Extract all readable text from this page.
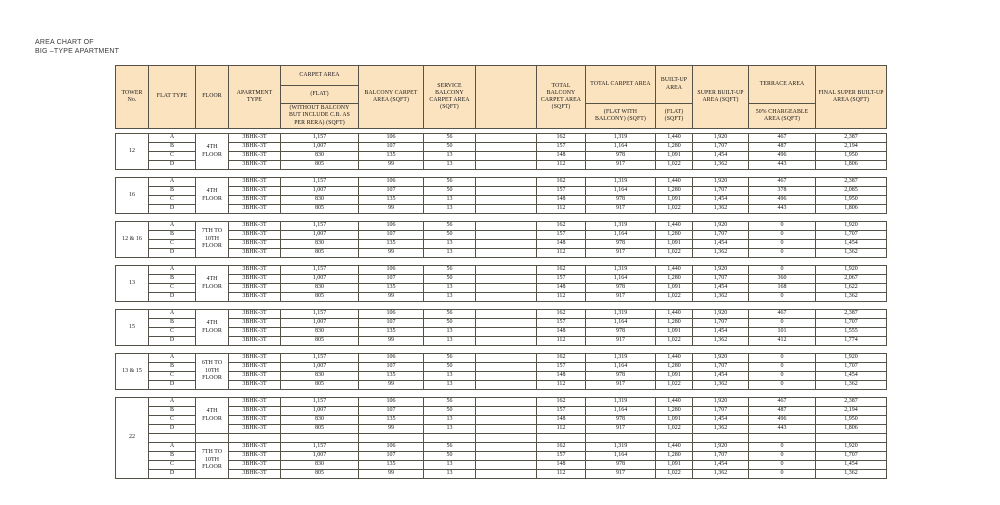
AREA CHART OF
BIG –TYPE APARTMENT
TOWER No.	FLAT TYPE	FLOOR	APARTMENT TYPE	CARPET AREA	BALCONY CARPET AREA (SQFT)	SERVICE BALCONY CARPET AREA (SQFT)		TOTAL BALCONY CARPET AREA (SQFT)	TOTAL CARPET AREA	BUILT-UP AREA	SUPER BUILT-UP AREA (SQFT)	TERRACE AREA	FINAL SUPER BUILT-UP AREA (SQFT)
				(FLAT)									
				(WITHOUT BALCONY BUT INCLUDE C.B. AS PER RERA) (SQFT)					(FLAT WITH BALCONY) (SQFT)	(FLAT) (SQFT)		50% CHARGEABLE AREA (SQFT)	
12	A	4TH FLOOR	3BHK-3T	1,157	106	56		162	1,319	1,440	1,920	467	2,387
	B		3BHK-3T	1,007	107	50		157	1,164	1,280	1,707	487	2,194
	C		3BHK-3T	830	135	13		148	978	1,091	1,454	496	1,950
	D		3BHK-3T	805	99	13		112	917	1,022	1,362	443	1,806
16	A	4TH FLOOR	3BHK-3T	1,157	106	56		162	1,319	1,440	1,920	467	2,387
	B		3BHK-3T	1,007	107	50		157	1,164	1,280	1,707	378	2,085
	C		3BHK-3T	830	135	13		148	978	1,091	1,454	496	1,950
	D		3BHK-3T	805	99	13		112	917	1,022	1,362	443	1,806
12 & 16	A	7TH TO 10TH FLOOR	3BHK-3T	1,157	106	56		162	1,319	1,440	1,920	0	1,920
	B		3BHK-3T	1,007	107	50		157	1,164	1,280	1,707	0	1,707
	C		3BHK-3T	830	135	13		148	978	1,091	1,454	0	1,454
	D		3BHK-3T	805	99	13		112	917	1,022	1,362	0	1,362
13	A	4TH FLOOR	3BHK-3T	1,157	106	56		162	1,319	1,440	1,920	0	1,920
	B		3BHK-3T	1,007	107	50		157	1,164	1,280	1,707	360	2,067
	C		3BHK-3T	830	135	13		148	978	1,091	1,454	168	1,622
	D		3BHK-3T	805	99	13		112	917	1,022	1,362	0	1,362
15	A	4TH FLOOR	3BHK-3T	1,157	106	56		162	1,319	1,440	1,920	467	2,387
	B		3BHK-3T	1,007	107	50		157	1,164	1,280	1,707	0	1,707
	C		3BHK-3T	830	135	13		148	978	1,091	1,454	101	1,555
	D		3BHK-3T	805	99	13		112	917	1,022	1,362	412	1,774
13 & 15	A	6TH TO 10TH FLOOR	3BHK-3T	1,157	106	56		162	1,319	1,440	1,920	0	1,920
	B		3BHK-3T	1,007	107	50		157	1,164	1,280	1,707	0	1,707
	C		3BHK-3T	830	135	13		148	978	1,091	1,454	0	1,454
	D		3BHK-3T	805	99	13		112	917	1,022	1,362	0	1,362
22	A	4TH FLOOR	3BHK-3T	1,157	106	56		162	1,319	1,440	1,920	467	2,387
	B		3BHK-3T	1,007	107	50		157	1,164	1,280	1,707	487	2,194
	C		3BHK-3T	830	135	13		148	978	1,091	1,454	496	1,950
	D		3BHK-3T	805	99	13		112	917	1,022	1,362	443	1,806

	A	7TH TO 10TH FLOOR	3BHK-3T	1,157	106	56		162	1,319	1,440	1,920	0	1,920
	B		3BHK-3T	1,007	107	50		157	1,164	1,280	1,707	0	1,707
	C		3BHK-3T	830	135	13		148	978	1,091	1,454	0	1,454
	D		3BHK-3T	805	99	13		112	917	1,022	1,362	0	1,362
